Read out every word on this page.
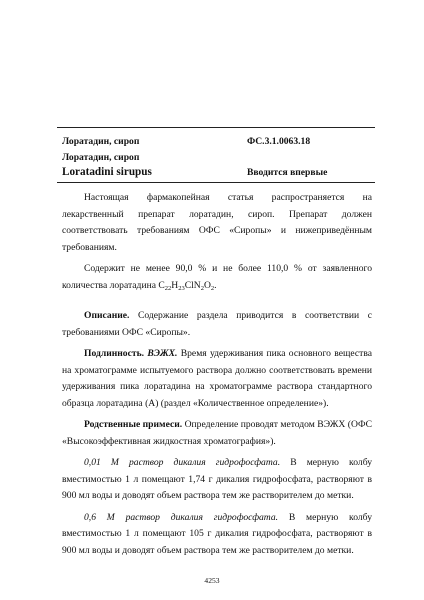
Лоратадин, сироп	ФС.3.1.0063.18
Лоратадин, сироп
Loratadini sirupus	Вводится впервые

Настоящая фармакопейная статья распространяется на лекарственный препарат лоратадин, сироп. Препарат должен соответствовать требованиям ОФС «Сиропы» и нижеприведённым требованиям.

Содержит не менее 90,0 % и не более 110,0 % от заявленного количества лоратадина $C_{22}H_{23}ClN_2O_2$.

Описание. Содержание раздела приводится в соответствии с требованиями ОФС «Сиропы».

Подлинность. ВЭЖХ. Время удерживания пика основного вещества на хроматограмме испытуемого раствора должно соответствовать времени удерживания пика лоратадина на хроматограмме раствора стандартного образца лоратадина (А) (раздел «Количественное определение»).

Родственные примеси. Определение проводят методом ВЭЖХ (ОФС «Высокоэффективная жидкостная хроматография»).

0,01 М раствор дикалия гидрофосфата. В мерную колбу вместимостью 1 л помещают 1,74 г дикалия гидрофосфата, растворяют в 900 мл воды и доводят объем раствора тем же растворителем до метки.

0,6 М раствор дикалия гидрофосфата. В мерную колбу вместимостью 1 л помещают 105 г дикалия гидрофосфата, растворяют в 900 мл воды и доводят объем раствора тем же растворителем до метки.

4253
